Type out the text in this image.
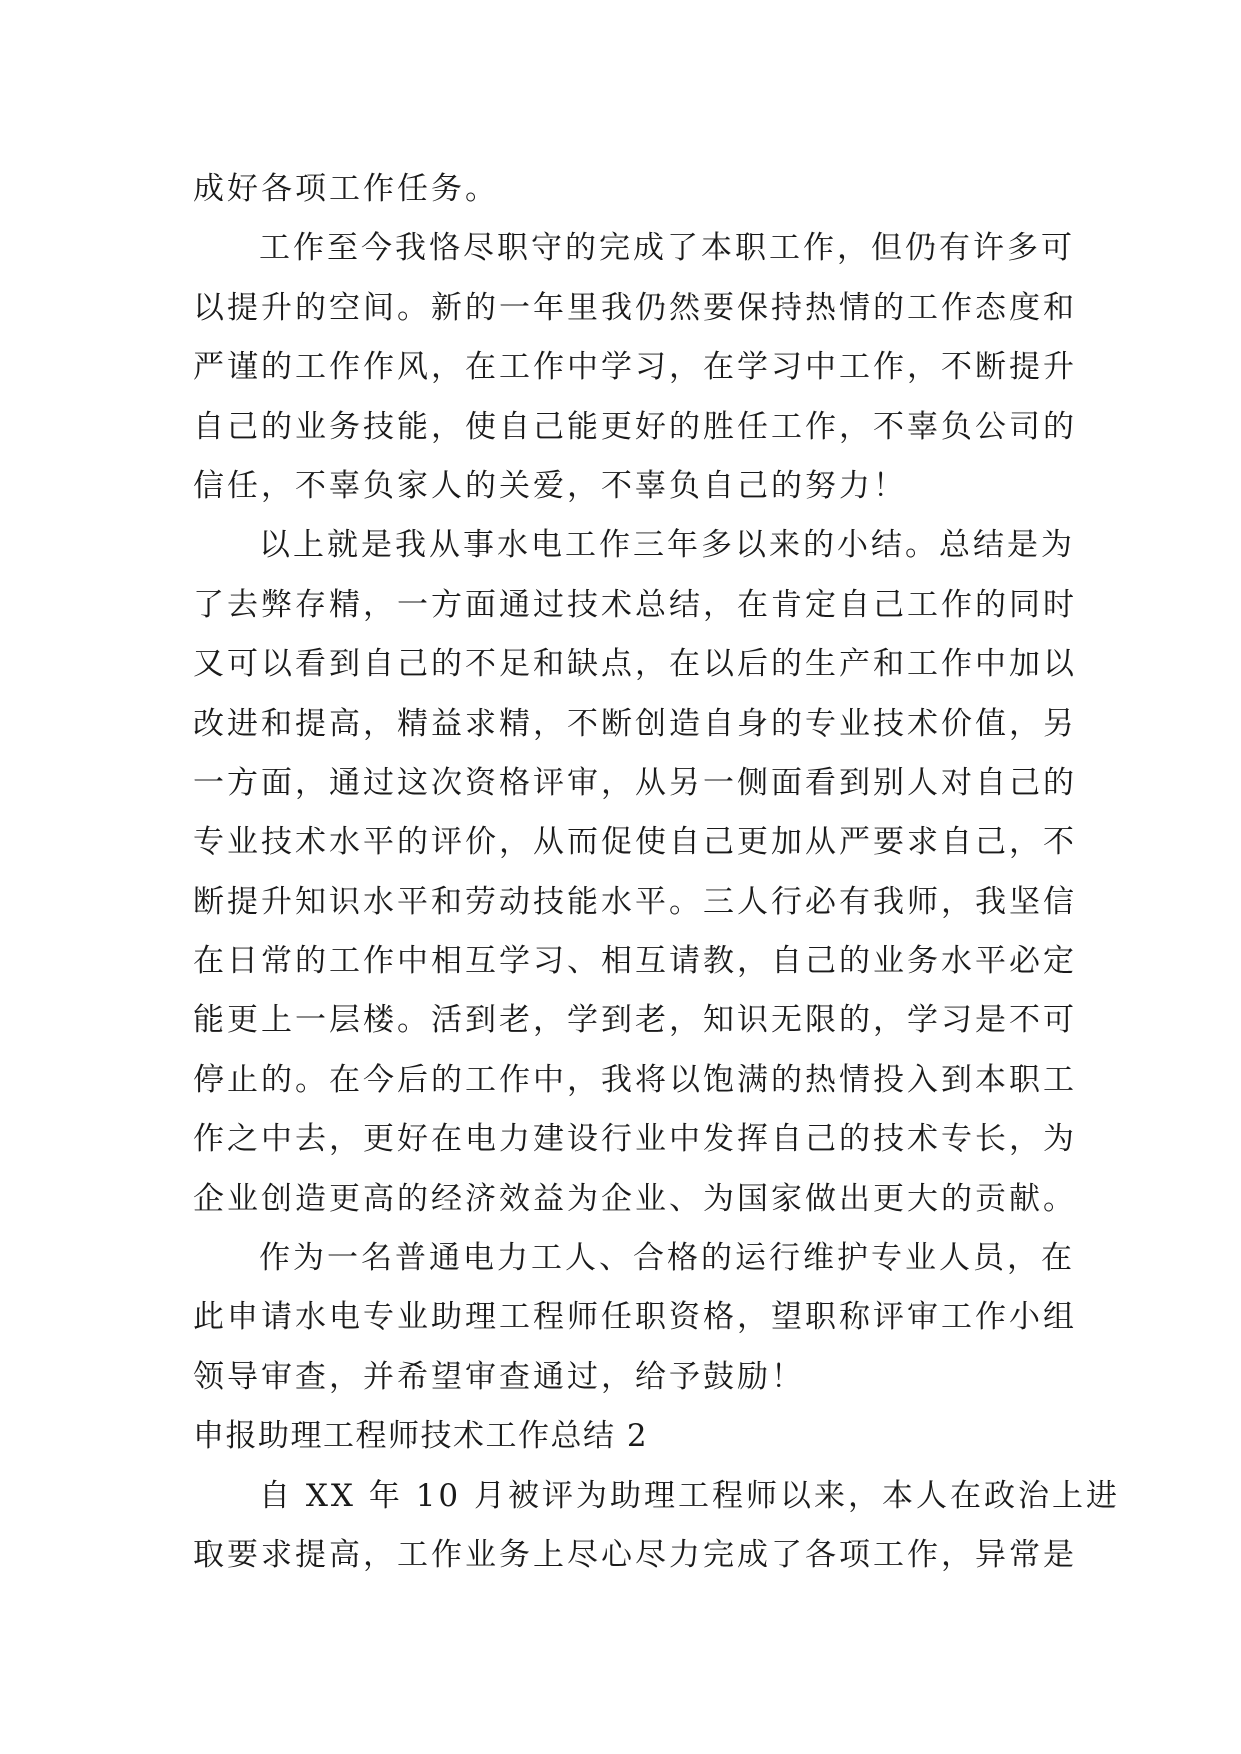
成好各项工作任务。
工作至今我恪尽职守的完成了本职工作，但仍有许多可
以提升的空间。新的一年里我仍然要保持热情的工作态度和
严谨的工作作风，在工作中学习，在学习中工作，不断提升
自己的业务技能，使自己能更好的胜任工作，不辜负公司的
信任，不辜负家人的关爱，不辜负自己的努力！
以上就是我从事水电工作三年多以来的小结。总结是为
了去弊存精，一方面通过技术总结，在肯定自己工作的同时
又可以看到自己的不足和缺点，在以后的生产和工作中加以
改进和提高，精益求精，不断创造自身的专业技术价值，另
一方面，通过这次资格评审，从另一侧面看到别人对自己的
专业技术水平的评价，从而促使自己更加从严要求自己，不
断提升知识水平和劳动技能水平。三人行必有我师，我坚信
在日常的工作中相互学习、相互请教，自己的业务水平必定
能更上一层楼。活到老，学到老，知识无限的，学习是不可
停止的。在今后的工作中，我将以饱满的热情投入到本职工
作之中去，更好在电力建设行业中发挥自己的技术专长，为
企业创造更高的经济效益为企业、为国家做出更大的贡献。
作为一名普通电力工人、合格的运行维护专业人员，在
此申请水电专业助理工程师任职资格，望职称评审工作小组
领导审查，并希望审查通过，给予鼓励！
申报助理工程师技术工作总结 2
自 XX 年 10 月被评为助理工程师以来，本人在政治上进
取要求提高，工作业务上尽心尽力完成了各项工作，异常是
